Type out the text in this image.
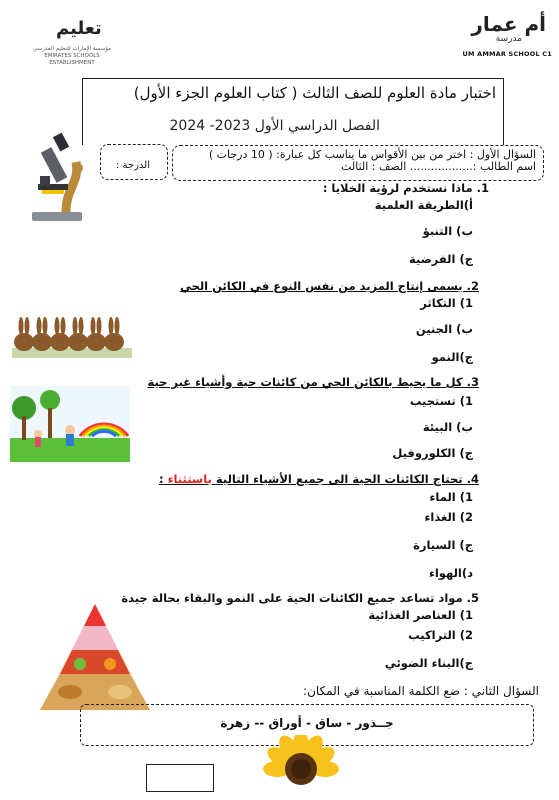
تعليم
مؤسسة الإمارات للتعليم المدرسي EMIRATES SCHOOLS ESTABLISHMENT
أم عمار
مدرسة
UM AMMAR SCHOOL C1
اختبار مادة العلوم للصف الثالث ( كتاب العلوم الجزء الأول)
الفصل الدراسي الأول 2023- 2024
الدرجة :
السؤال الأول : اختر من بين الأقواس ما يناسب كل عبارة: ( 10 درجات )
اسم الطالب :.................. الصف : الثالث
1. ماذا نستخدم لرؤية الخلايا :
أ)الطريقة العلمية
ب) التنبؤ
ج) الفرضية
2. يسمى إنتاج المزيد من نفس النوع في الكائن الحي
1) التكاثر
ب) الجنين
ج)النمو
3. كل ما يحيط بالكائن الحي من كائنات حية وأشياء غير حية
1) تستجيب
ب) البيئة
ج) الكلوروفيل
4. تحتاج الكائنات الحية الى جميع الأشياء التالية باستثناء :
1) الماء
2) الغذاء
ج) السيارة
د)الهواء
5. مواد تساعد جميع الكائنات الحية على النمو والبقاء بحالة جيدة
1) العناصر الغذائية
2) التراكيب
ج)البناء الضوئي
السؤال الثاني : ضع الكلمة المناسبة في المكان:
جــذور - ساق - أوراق -- زهرة
